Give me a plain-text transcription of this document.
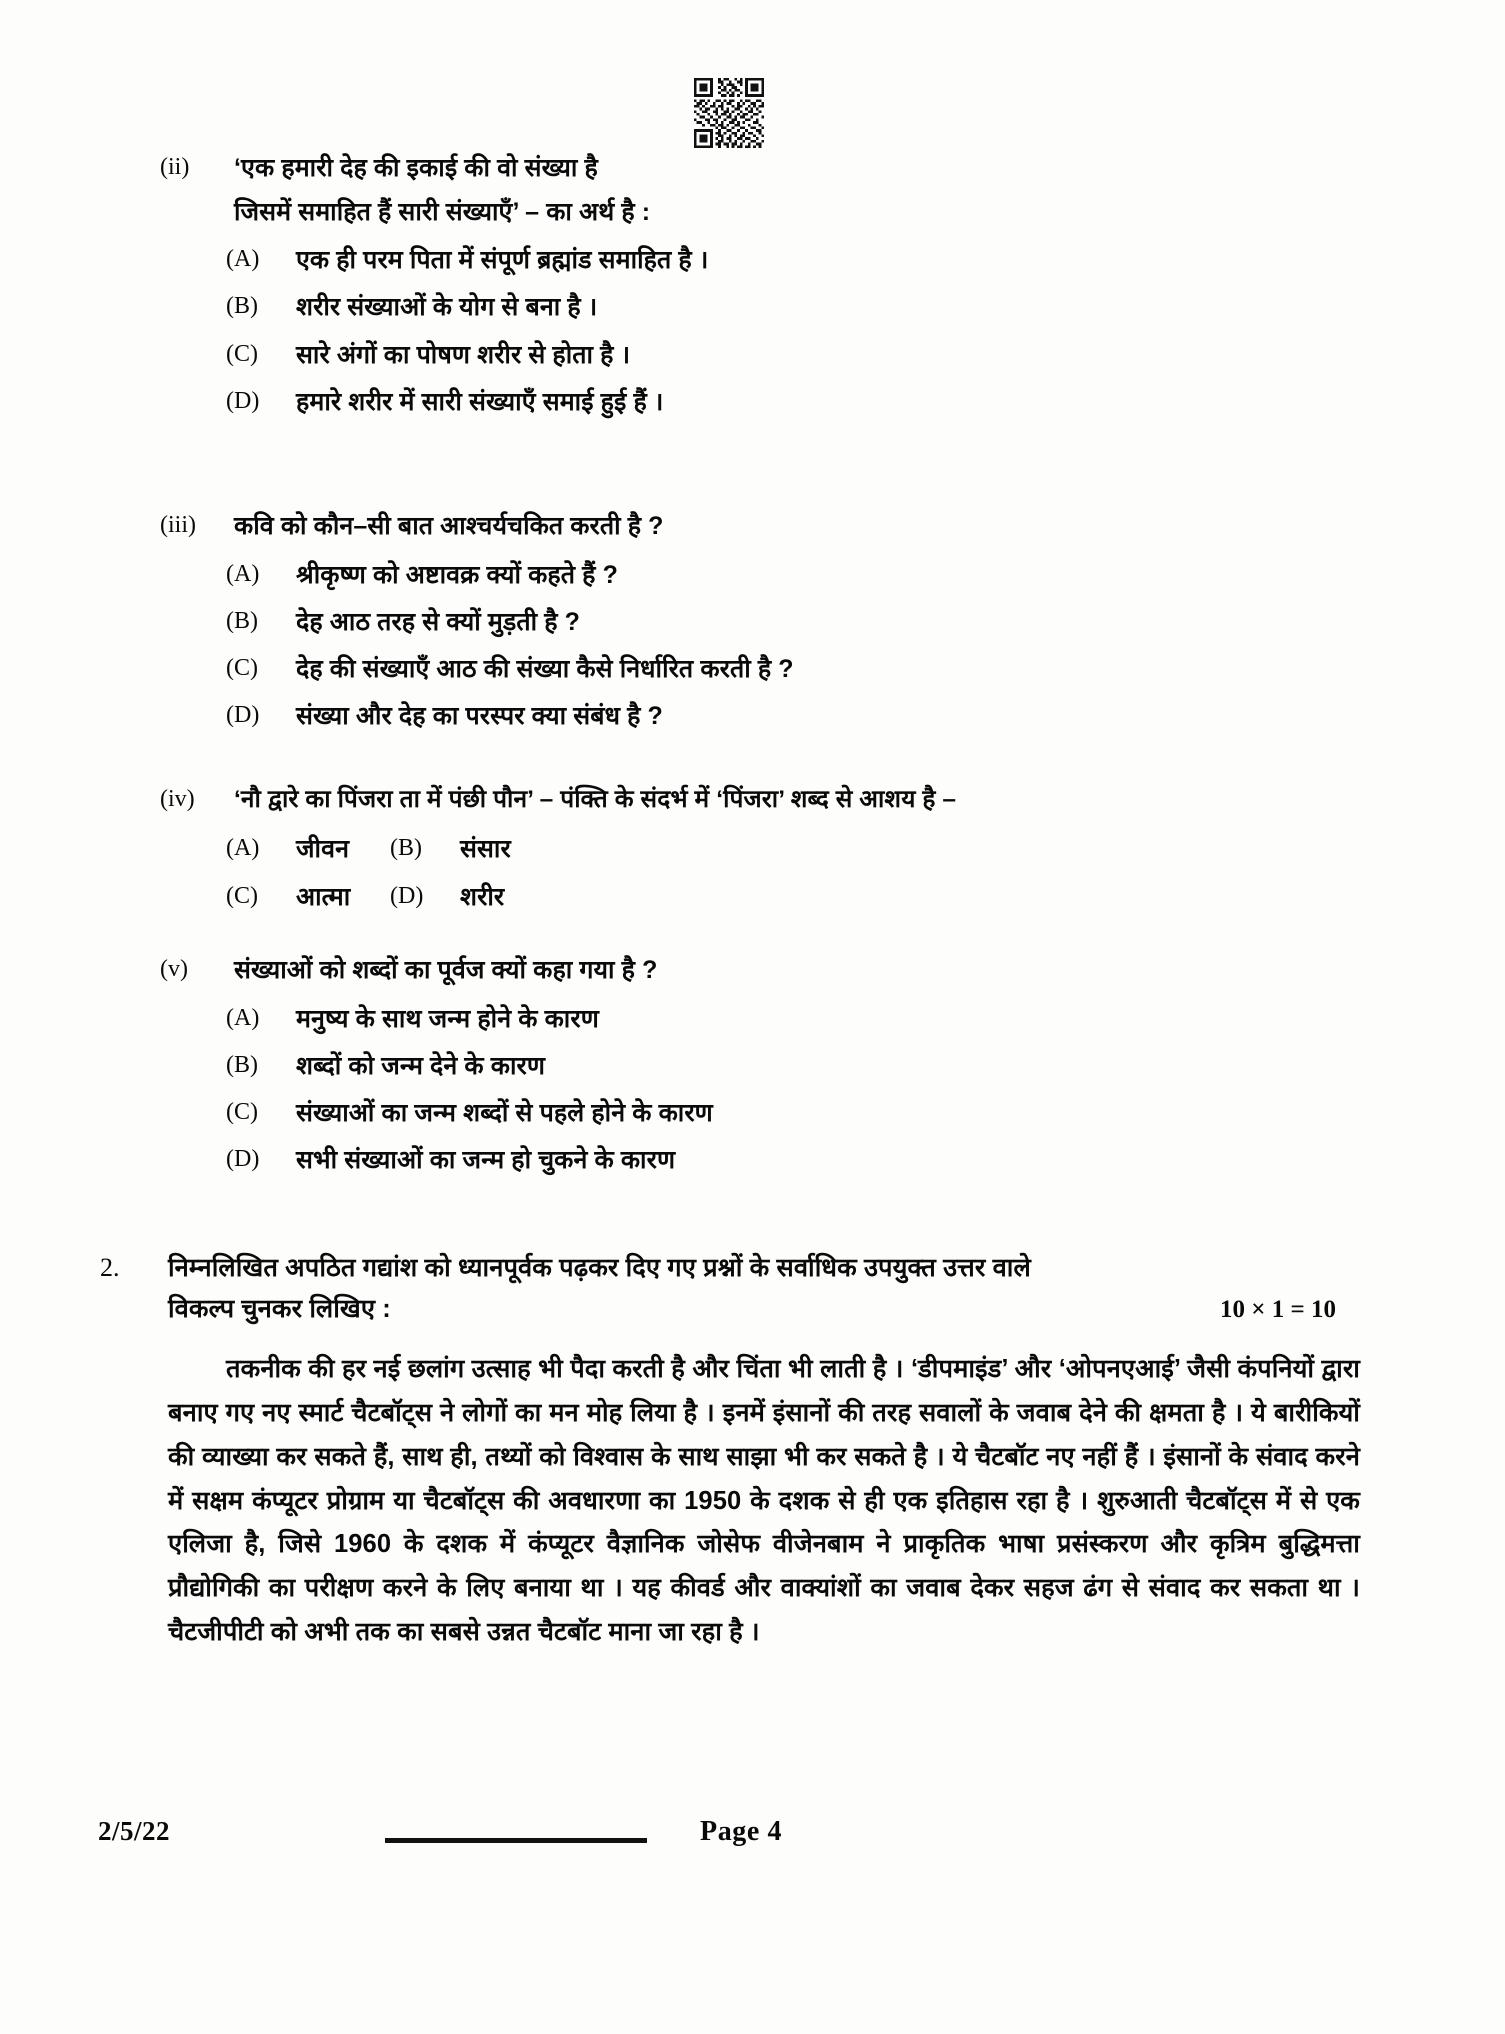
(ii)	‘एक हमारी देह की इकाई की वो संख्या है
जिसमें समाहित हैं सारी संख्याएँ’ – का अर्थ है :
(A)	एक ही परम पिता में संपूर्ण ब्रह्मांड समाहित है ।
(B)	शरीर संख्याओं के योग से बना है ।
(C)	सारे अंगों का पोषण शरीर से होता है ।
(D)	हमारे शरीर में सारी संख्याएँ समाई हुई हैं ।
(iii)	कवि को कौन–सी बात आश्चर्यचकित करती है ?
(A)	श्रीकृष्ण को अष्टावक्र क्यों कहते हैं ?
(B)	देह आठ तरह से क्यों मुड़ती है ?
(C)	देह की संख्याएँ आठ की संख्या कैसे निर्धारित करती है ?
(D)	संख्या और देह का परस्पर क्या संबंध है ?
(iv)	‘नौ द्वारे का पिंजरा ता में पंछी पौन’ – पंक्ति के संदर्भ में ‘पिंजरा’ शब्द से आशय है –
(A)	जीवन (B)	संसार
(C)	आत्मा (D)	शरीर
(v)	संख्याओं को शब्दों का पूर्वज क्यों कहा गया है ?
(A)	मनुष्य के साथ जन्म होने के कारण
(B)	शब्दों को जन्म देने के कारण
(C)	संख्याओं का जन्म शब्दों से पहले होने के कारण
(D)	सभी संख्याओं का जन्म हो चुकने के कारण
2.	निम्नलिखित अपठित गद्यांश को ध्यानपूर्वक पढ़कर दिए गए प्रश्नों के सर्वाधिक उपयुक्त उत्तर वाले
विकल्प चुनकर लिखिए :	10 × 1 = 10
तकनीक की हर नई छलांग उत्साह भी पैदा करती है और चिंता भी लाती है । ‘डीपमाइंड’ और ‘ओपनएआई’ जैसी कंपनियों द्वारा बनाए गए नए स्मार्ट चैटबॉट्स ने लोगों का मन मोह लिया है । इनमें इंसानों की तरह सवालों के जवाब देने की क्षमता है । ये बारीकियों की व्याख्या कर सकते हैं, साथ ही, तथ्यों को विश्वास के साथ साझा भी कर सकते है । ये चैटबॉट नए नहीं हैं । इंसानों के संवाद करने में सक्षम कंप्यूटर प्रोग्राम या चैटबॉट्स की अवधारणा का 1950 के दशक से ही एक इतिहास रहा है । शुरुआती चैटबॉट्स में से एक एलिजा है, जिसे 1960 के दशक में कंप्यूटर वैज्ञानिक जोसेफ वीजेनबाम ने प्राकृतिक भाषा प्रसंस्करण और कृत्रिम बुद्धिमत्ता प्रौद्योगिकी का परीक्षण करने के लिए बनाया था । यह कीवर्ड और वाक्यांशों का जवाब देकर सहज ढंग से संवाद कर सकता था । चैटजीपीटी को अभी तक का सबसे उन्नत चैटबॉट माना जा रहा है ।
2/5/22	Page 4
